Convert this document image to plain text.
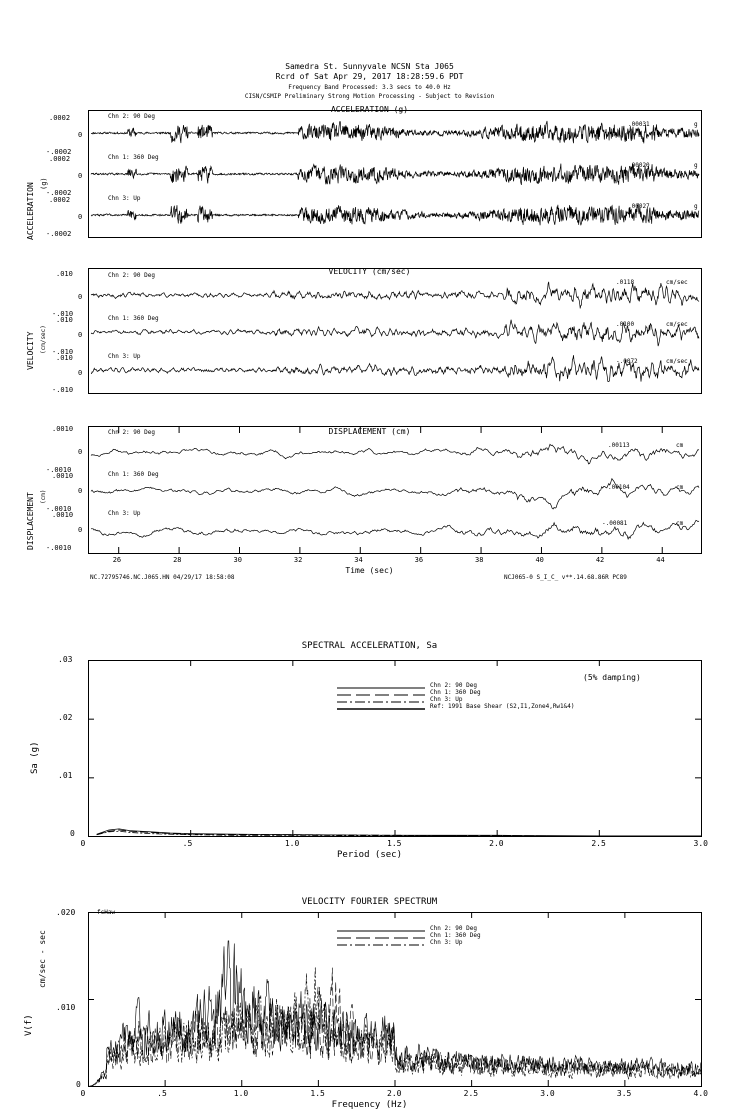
Samedra St. Sunnyvale NCSN Sta J065
Rcrd of Sat Apr 29, 2017 18:28:59.6 PDT
Frequency Band Processed: 3.3 secs to 40.0 Hz
CISN/CSMIP Preliminary Strong Motion Processing - Subject to Revision
ACCELERATION (g)
ACCELERATION (g)
.0002
0
-.0002
.0002
0
-.0002
.0002
0
-.0002
Chn 2: 90 Deg
Chn 1: 360 Deg
Chn 3: Up
.00031	g
.00020	g
.00027	g
VELOCITY (cm/sec)
VELOCITY (cm/sec)
.010
0
-.010
.010
0
-.010
.010
0
-.010
Chn 2: 90 Deg
Chn 1: 360 Deg
Chn 3: Up
.0118	cm/sec
.0100	cm/sec
-.0072	cm/sec
DISPLACEMENT (cm)
DISPLACEMENT (cm)
.0010
0
-.0010
.0010
0
-.0010
.0010
0
-.0010
Chn 2: 90 Deg
Chn 1: 360 Deg
Chn 3: Up
.00113	cm
.00104	cm
-.00081	cm
26	28	30	32	34	36	38	40	42	44
Time (sec)
NC.72795746.NC.J065.HN 04/29/17 18:58:08	NCJ065-0 S_I_C_ v**.14.68.86R PC89
SPECTRAL ACCELERATION, Sa
Sa (g)
.03
.02
.01
0
(5% damping)
Chn 2: 90 Deg
Chn 1: 360 Deg
Chn 3: Up
Ref: 1991 Base Shear (S2,I1,Zone4,Rw1&4)
0	.5	1.0	1.5	2.0	2.5	3.0
Period (sec)
VELOCITY FOURIER SPECTRUM
V(f)
cm/sec - sec
.020
.010
0
fcHaw
Chn 2: 90 Deg
Chn 1: 360 Deg
Chn 3: Up
0	.5	1.0	1.5	2.0	2.5	3.0	3.5	4.0
Frequency (Hz)
